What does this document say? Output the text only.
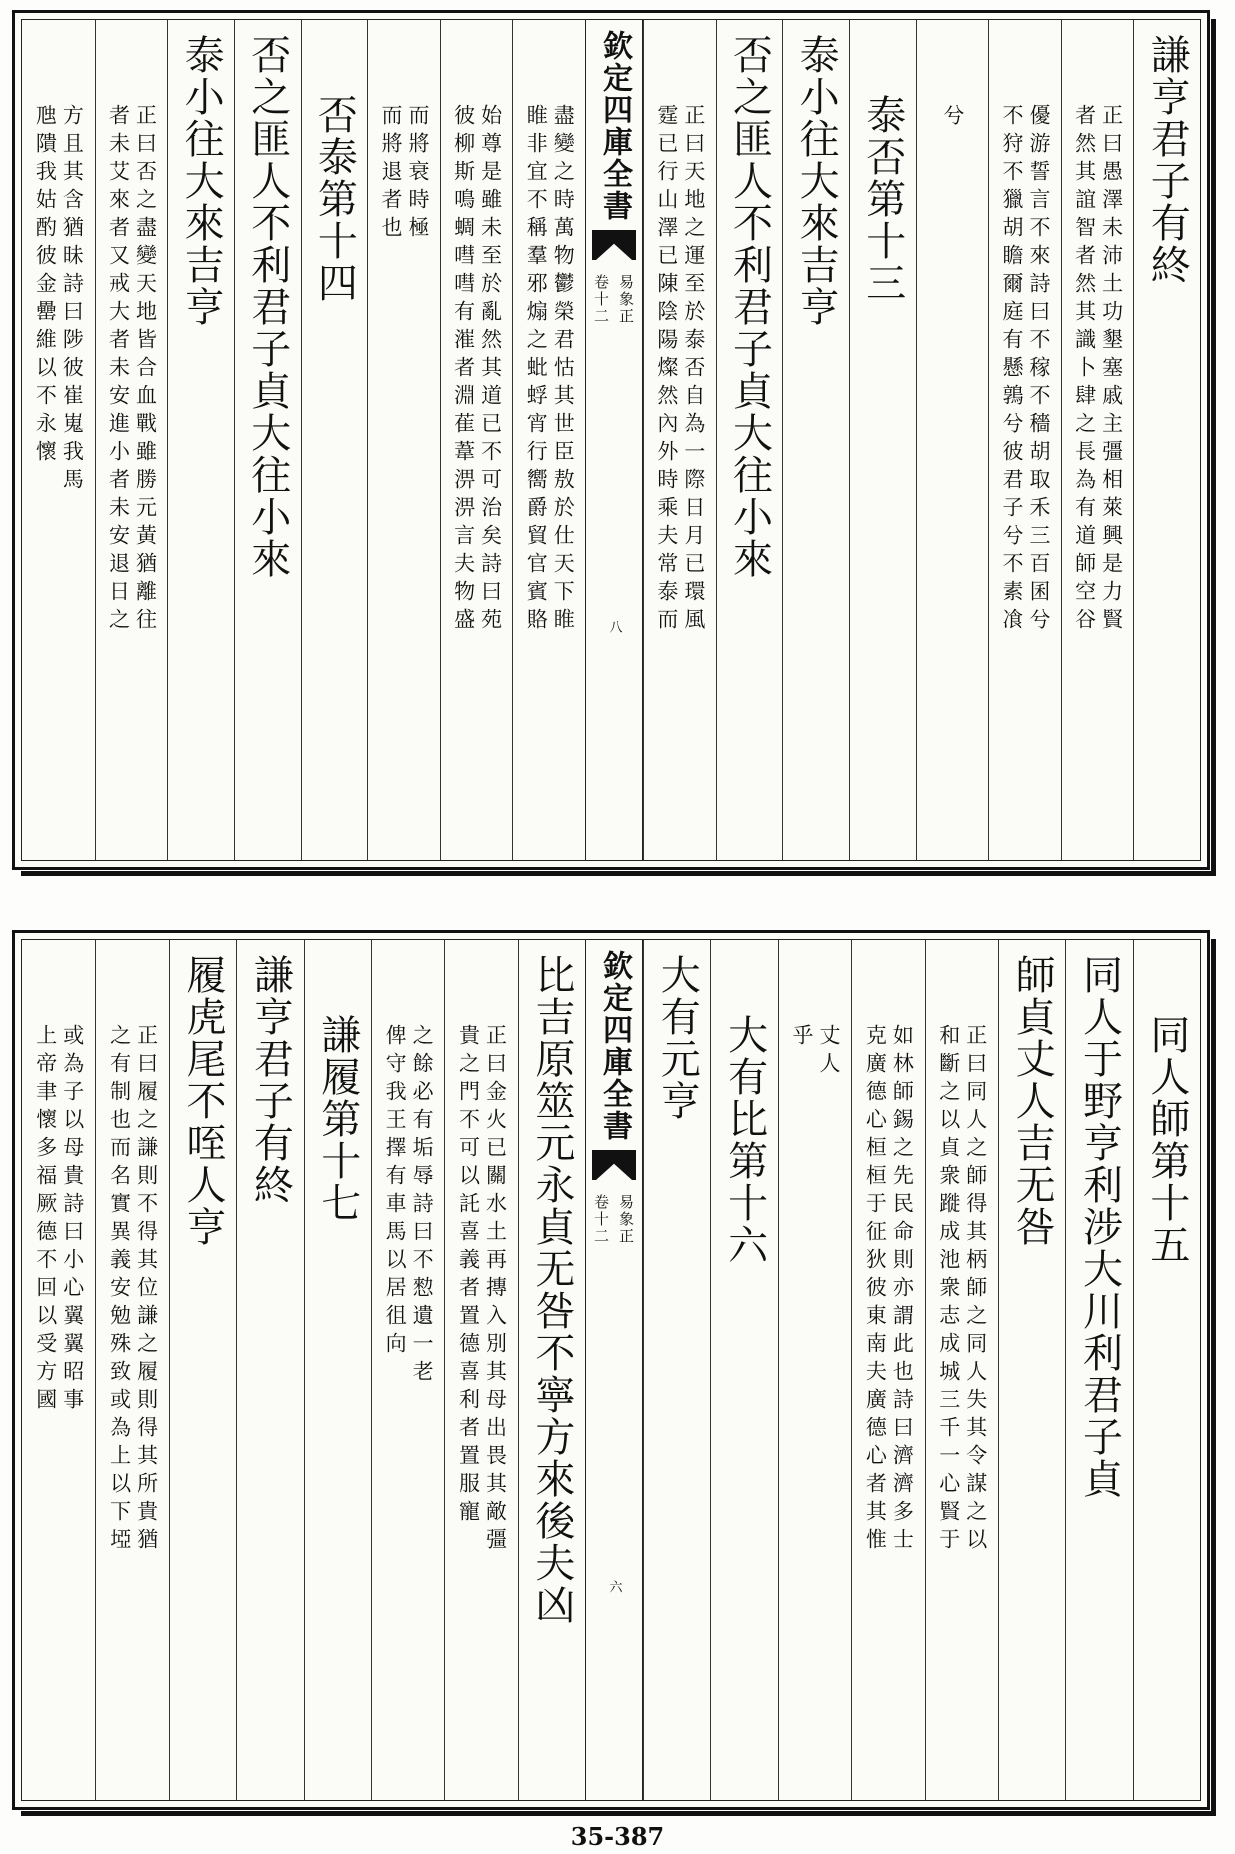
謙亨君子有終
正曰愚澤未沛土功墾塞戚主彊相萊興是力賢
者然其誼智者然其識卜肆之長為有道師空谷
優游誓言不來詩曰不稼不穡胡取禾三百囷兮
不狩不獵胡瞻爾庭有懸鶉兮彼君子兮不素飡
兮
泰否第十三
泰小往大來吉亨
否之匪人不利君子貞大往小來
正曰天地之運至於泰否自為一際日月已環風
霆已行山澤已陳陰陽燦然內外時乘夫常泰而
欽定四庫全書
易象正
卷十二
八
盡變之時萬物鬱榮君怙其世臣敖於仕天下睢
睢非宜不稱羣邪煽之蚍蜉宵行嚮爵貿官賓賂
始尊是雖未至於亂然其道已不可治矣詩曰苑
彼柳斯鳴蜩嘒嘒有漼者淵萑葦淠淠言夫物盛
而將衰時極
而將退者也
否泰第十四
否之匪人不利君子貞大往小來
泰小往大來吉亨
正曰否之盡變天地皆合血戰雖勝元黃猶離往
者未艾來者又戒大者未安進小者未安退日之
方且其含猶昧詩曰陟彼崔嵬我馬
虺隤我姑酌彼金罍維以不永懷
同人師第十五
同人于野亨利涉大川利君子貞
師貞丈人吉无咎
正曰同人之師得其柄師之同人失其令謀之以
和斷之以貞衆蹝成池衆志成城三千一心賢于
如林師錫之先民命則亦謂此也詩曰濟濟多士
克廣德心桓桓于征狄彼東南夫廣德心者其惟
丈人
乎
大有比第十六
大有元亨
欽定四庫全書
易象正
卷十二
六
比吉原筮元永貞无咎不寧方來後夫凶
正曰金火已關水土再摶入別其母出畏其敵彊
貴之門不可以託喜義者置德喜利者置服寵
之餘必有垢辱詩曰不愸遺一老
俾守我王擇有車馬以居徂向
謙履第十七
謙亨君子有終
履虎尾不咥人亨
正曰履之謙則不得其位謙之履則得其所貴猶
之有制也而名實異義安勉殊致或為上以下埡
或為子以母貴詩曰小心翼翼昭事
上帝聿懷多福厥德不回以受方國
35-387
